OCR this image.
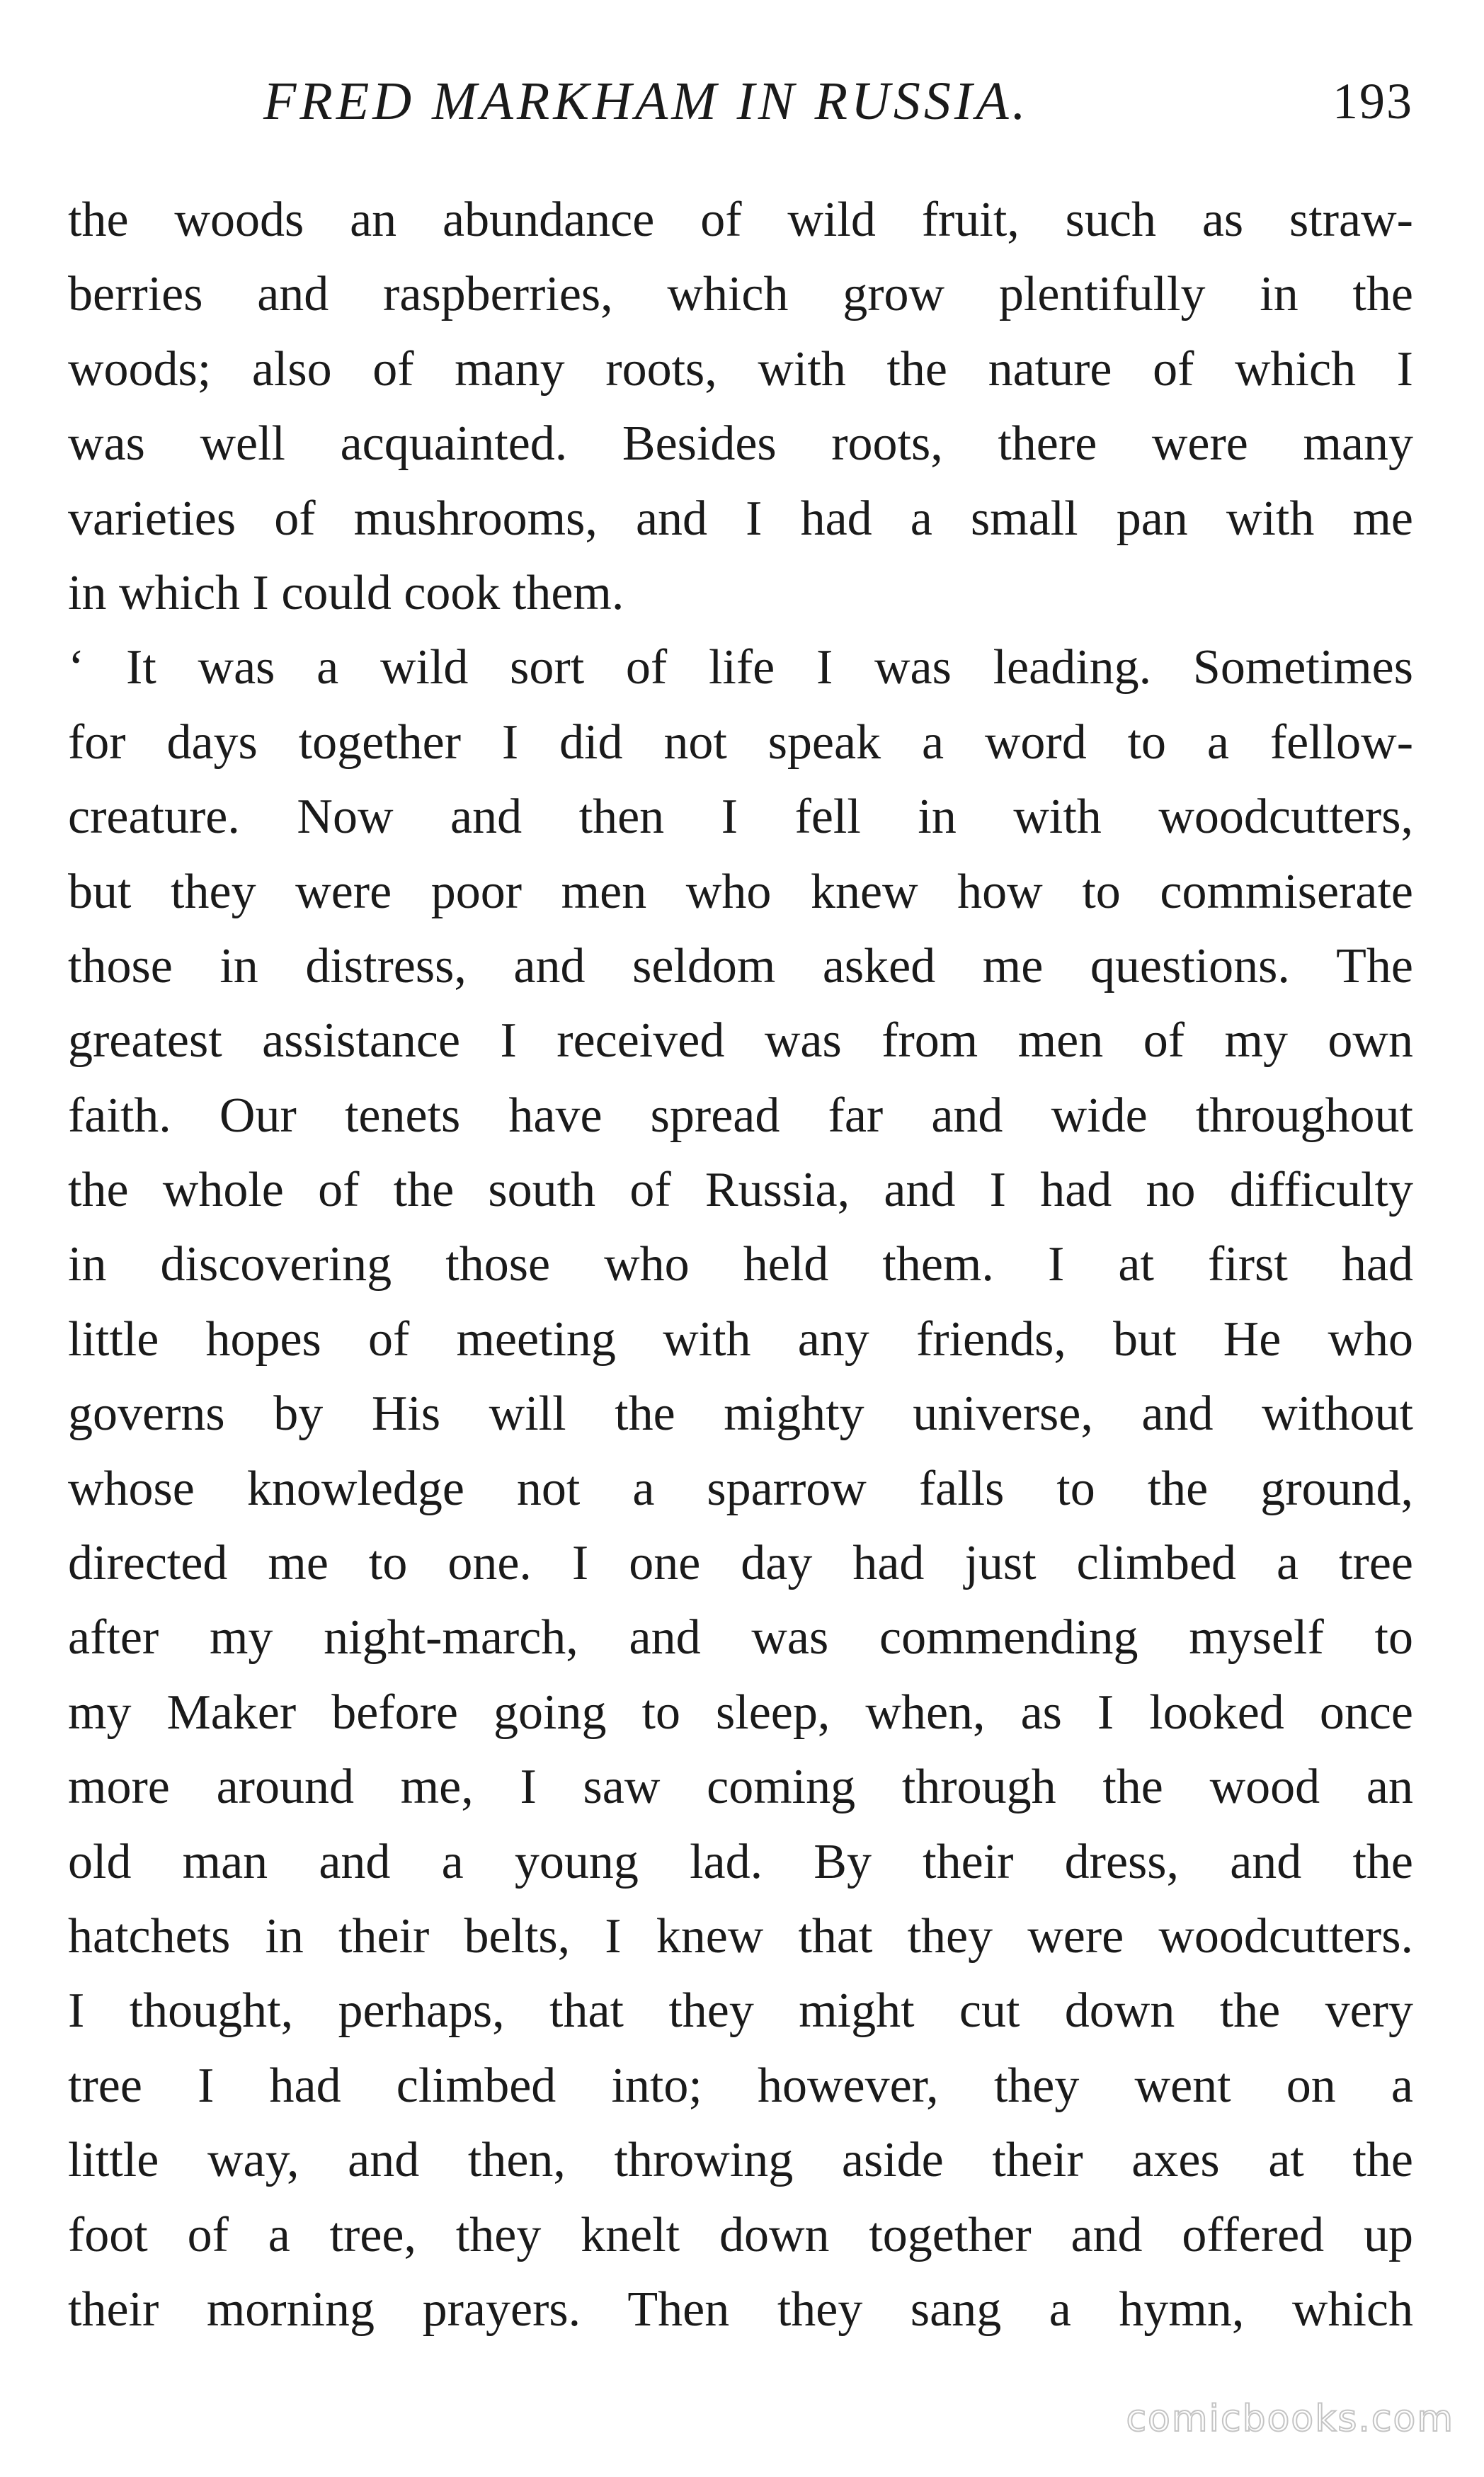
FRED MARKHAM IN RUSSIA.	193
the woods an abundance of wild fruit, such as straw-
berries and raspberries, which grow plentifully in the
woods; also of many roots, with the nature of which I
was well acquainted. Besides roots, there were many
varieties of mushrooms, and I had a small pan with me
in which I could cook them.
‘ It was a wild sort of life I was leading. Sometimes
for days together I did not speak a word to a fellow-
creature. Now and then I fell in with woodcutters,
but they were poor men who knew how to commiserate
those in distress, and seldom asked me questions. The
greatest assistance I received was from men of my own
faith. Our tenets have spread far and wide throughout
the whole of the south of Russia, and I had no difficulty
in discovering those who held them. I at first had
little hopes of meeting with any friends, but He who
governs by His will the mighty universe, and without
whose knowledge not a sparrow falls to the ground,
directed me to one. I one day had just climbed a tree
after my night-march, and was commending myself to
my Maker before going to sleep, when, as I looked once
more around me, I saw coming through the wood an
old man and a young lad. By their dress, and the
hatchets in their belts, I knew that they were woodcutters.
I thought, perhaps, that they might cut down the very
tree I had climbed into; however, they went on a
little way, and then, throwing aside their axes at the
foot of a tree, they knelt down together and offered up
their morning prayers. Then they sang a hymn, which
comicbooks.com
